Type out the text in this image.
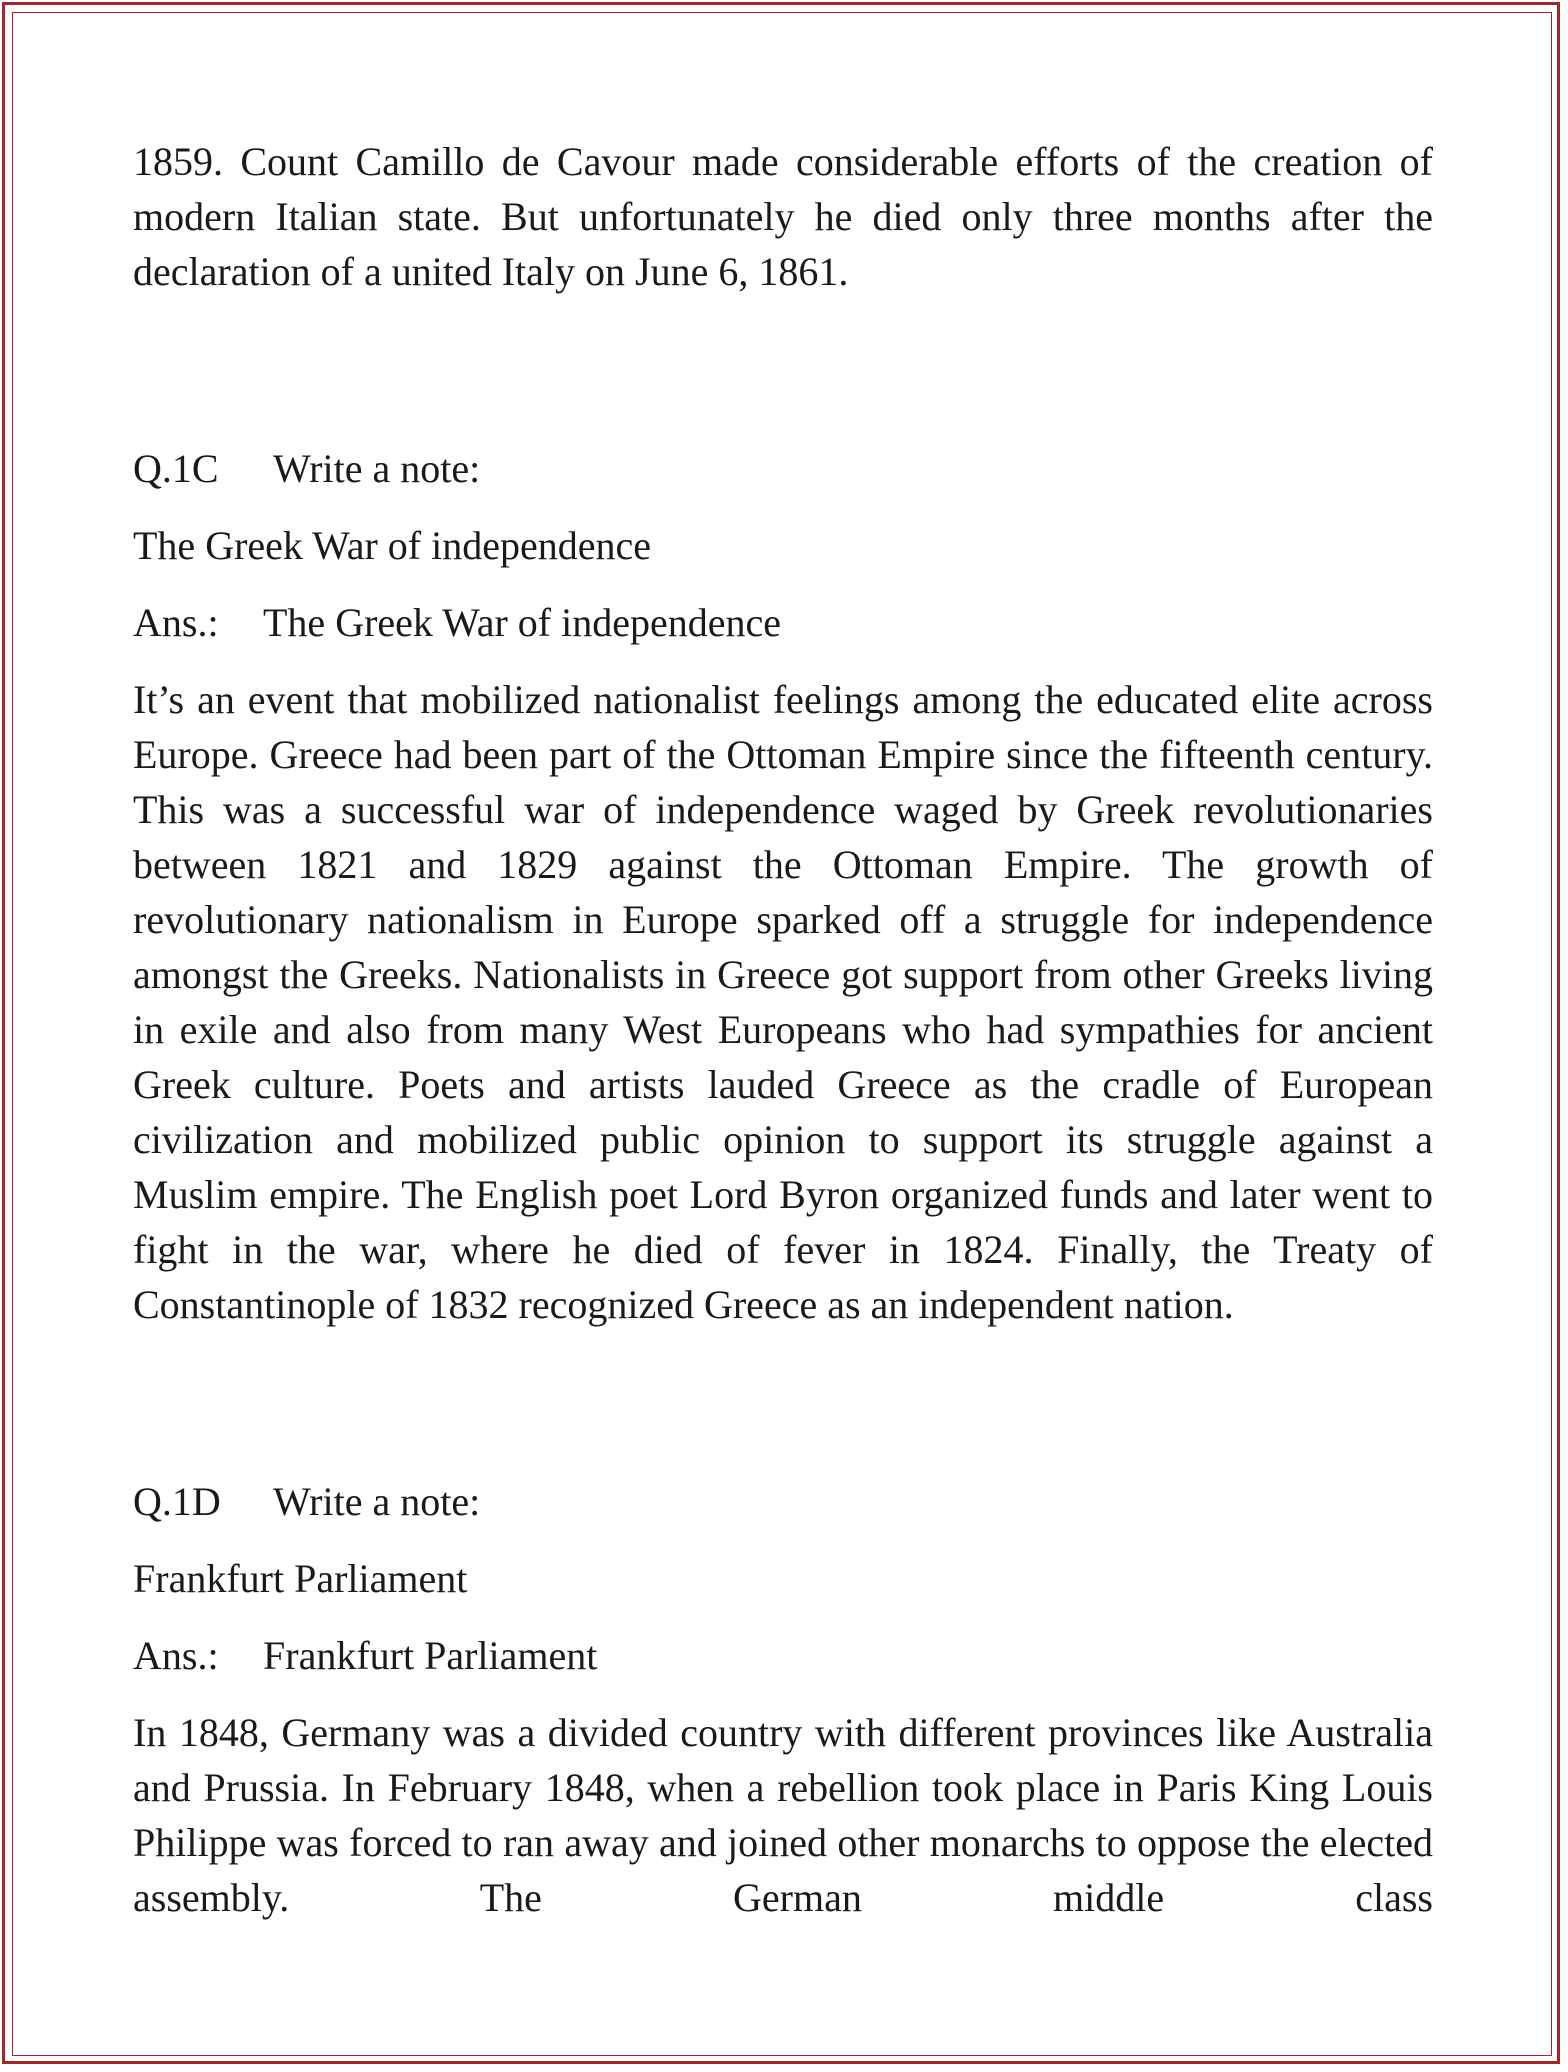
1859. Count Camillo de Cavour made considerable efforts of the creation of modern Italian state. But unfortunately he died only three months after the declaration of a united Italy on June 6, 1861.

Q.1C	Write a note:

The Greek War of independence

Ans.:	The Greek War of independence

It’s an event that mobilized nationalist feelings among the educated elite across Europe. Greece had been part of the Ottoman Empire since the fifteenth century. This was a successful war of independence waged by Greek revolutionaries between 1821 and 1829 against the Ottoman Empire. The growth of revolutionary nationalism in Europe sparked off a struggle for independence amongst the Greeks. Nationalists in Greece got support from other Greeks living in exile and also from many West Europeans who had sympathies for ancient Greek culture. Poets and artists lauded Greece as the cradle of European civilization and mobilized public opinion to support its struggle against a Muslim empire. The English poet Lord Byron organized funds and later went to fight in the war, where he died of fever in 1824. Finally, the Treaty of Constantinople of 1832 recognized Greece as an independent nation.

Q.1D	Write a note:

Frankfurt Parliament

Ans.:	Frankfurt Parliament

In 1848, Germany was a divided country with different provinces like Australia and Prussia. In February 1848, when a rebellion took place in Paris King Louis Philippe was forced to ran away and joined other monarchs to oppose the elected assembly. The German middle class
